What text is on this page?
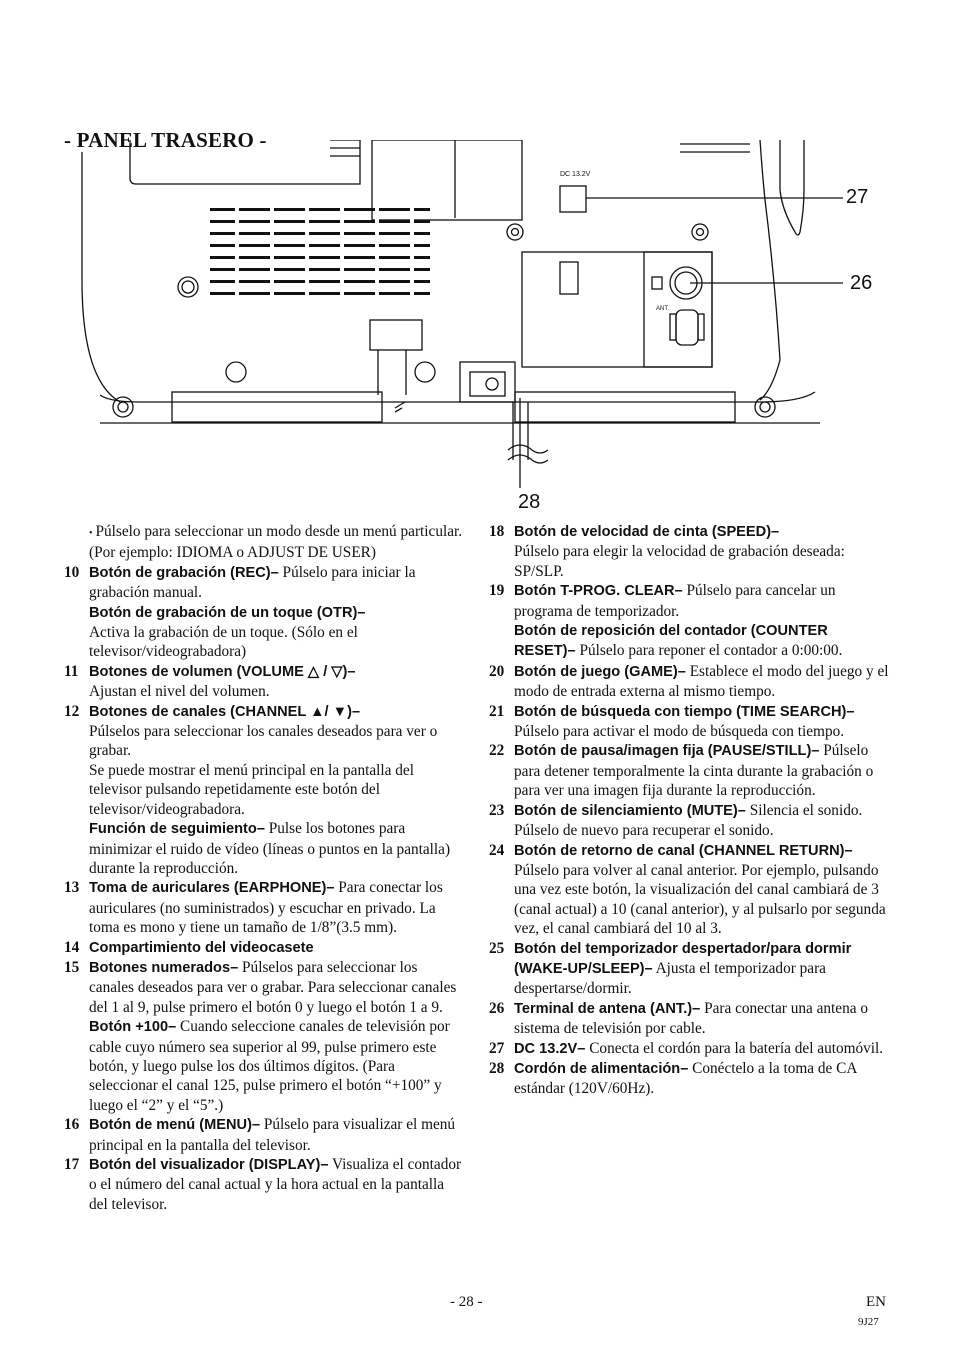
- PANEL TRASERO -
DC 13.2V
ANT.
27
26
28
• Púlselo para seleccionar un modo desde un menú particular.
(Por ejemplo: IDIOMA o ADJUST DE USER)
10 Botón de grabación (REC)– Púlselo para iniciar la grabación manual.
Botón de grabación de un toque (OTR)–
Activa la grabación de un toque. (Sólo en el televisor/videograbadora)
11 Botones de volumen (VOLUME △ / ▽)–
Ajustan el nivel del volumen.
12 Botones de canales (CHANNEL ▲/ ▼)–
Púlselos para seleccionar los canales deseados para ver o grabar.
Se puede mostrar el menú principal en la pantalla del televisor pulsando repetidamente este botón del televisor/videograbadora.
Función de seguimiento– Pulse los botones para minimizar el ruido de vídeo (líneas o puntos en la pantalla) durante la reproducción.
13 Toma de auriculares (EARPHONE)– Para conectar los auriculares (no suministrados) y escuchar en privado. La toma es mono y tiene un tamaño de 1/8”(3.5 mm).
14 Compartimiento del videocasete
15 Botones numerados– Púlselos para seleccionar los canales deseados para ver o grabar. Para seleccionar canales del 1 al 9, pulse primero el botón 0 y luego el botón 1 a 9.
Botón +100– Cuando seleccione canales de televisión por cable cuyo número sea superior al 99, pulse primero este botón, y luego pulse los dos últimos dígitos. (Para seleccionar el canal 125, pulse primero el botón “+100” y luego el “2” y el “5”.)
16 Botón de menú (MENU)– Púlselo para visualizar el menú principal en la pantalla del televisor.
17 Botón del visualizador (DISPLAY)– Visualiza el contador o el número del canal actual y la hora actual en la pantalla del televisor.
18 Botón de velocidad de cinta (SPEED)–
Púlselo para elegir la velocidad de grabación deseada: SP/SLP.
19 Botón T-PROG. CLEAR– Púlselo para cancelar un programa de temporizador.
Botón de reposición del contador (COUNTER RESET)– Púlselo para reponer el contador a 0:00:00.
20 Botón de juego (GAME)– Establece el modo del juego y el modo de entrada externa al mismo tiempo.
21 Botón de búsqueda con tiempo (TIME SEARCH)– Púlselo para activar el modo de búsqueda con tiempo.
22 Botón de pausa/imagen fija (PAUSE/STILL)– Púlselo para detener temporalmente la cinta durante la grabación o para ver una imagen fija durante la reproducción.
23 Botón de silenciamiento (MUTE)– Silencia el sonido. Púlselo de nuevo para recuperar el sonido.
24 Botón de retorno de canal (CHANNEL RETURN)– Púlselo para volver al canal anterior. Por ejemplo, pulsando una vez este botón, la visualización del canal cambiará de 3 (canal actual) a 10 (canal anterior), y al pulsarlo por segunda vez, el canal cambiará del 10 al 3.
25 Botón del temporizador despertador/para dormir (WAKE-UP/SLEEP)– Ajusta el temporizador para despertarse/dormir.
26 Terminal de antena (ANT.)– Para conectar una antena o sistema de televisión por cable.
27 DC 13.2V– Conecta el cordón para la batería del automóvil.
28 Cordón de alimentación– Conéctelo a la toma de CA estándar (120V/60Hz).
- 28 -	EN
9J27
